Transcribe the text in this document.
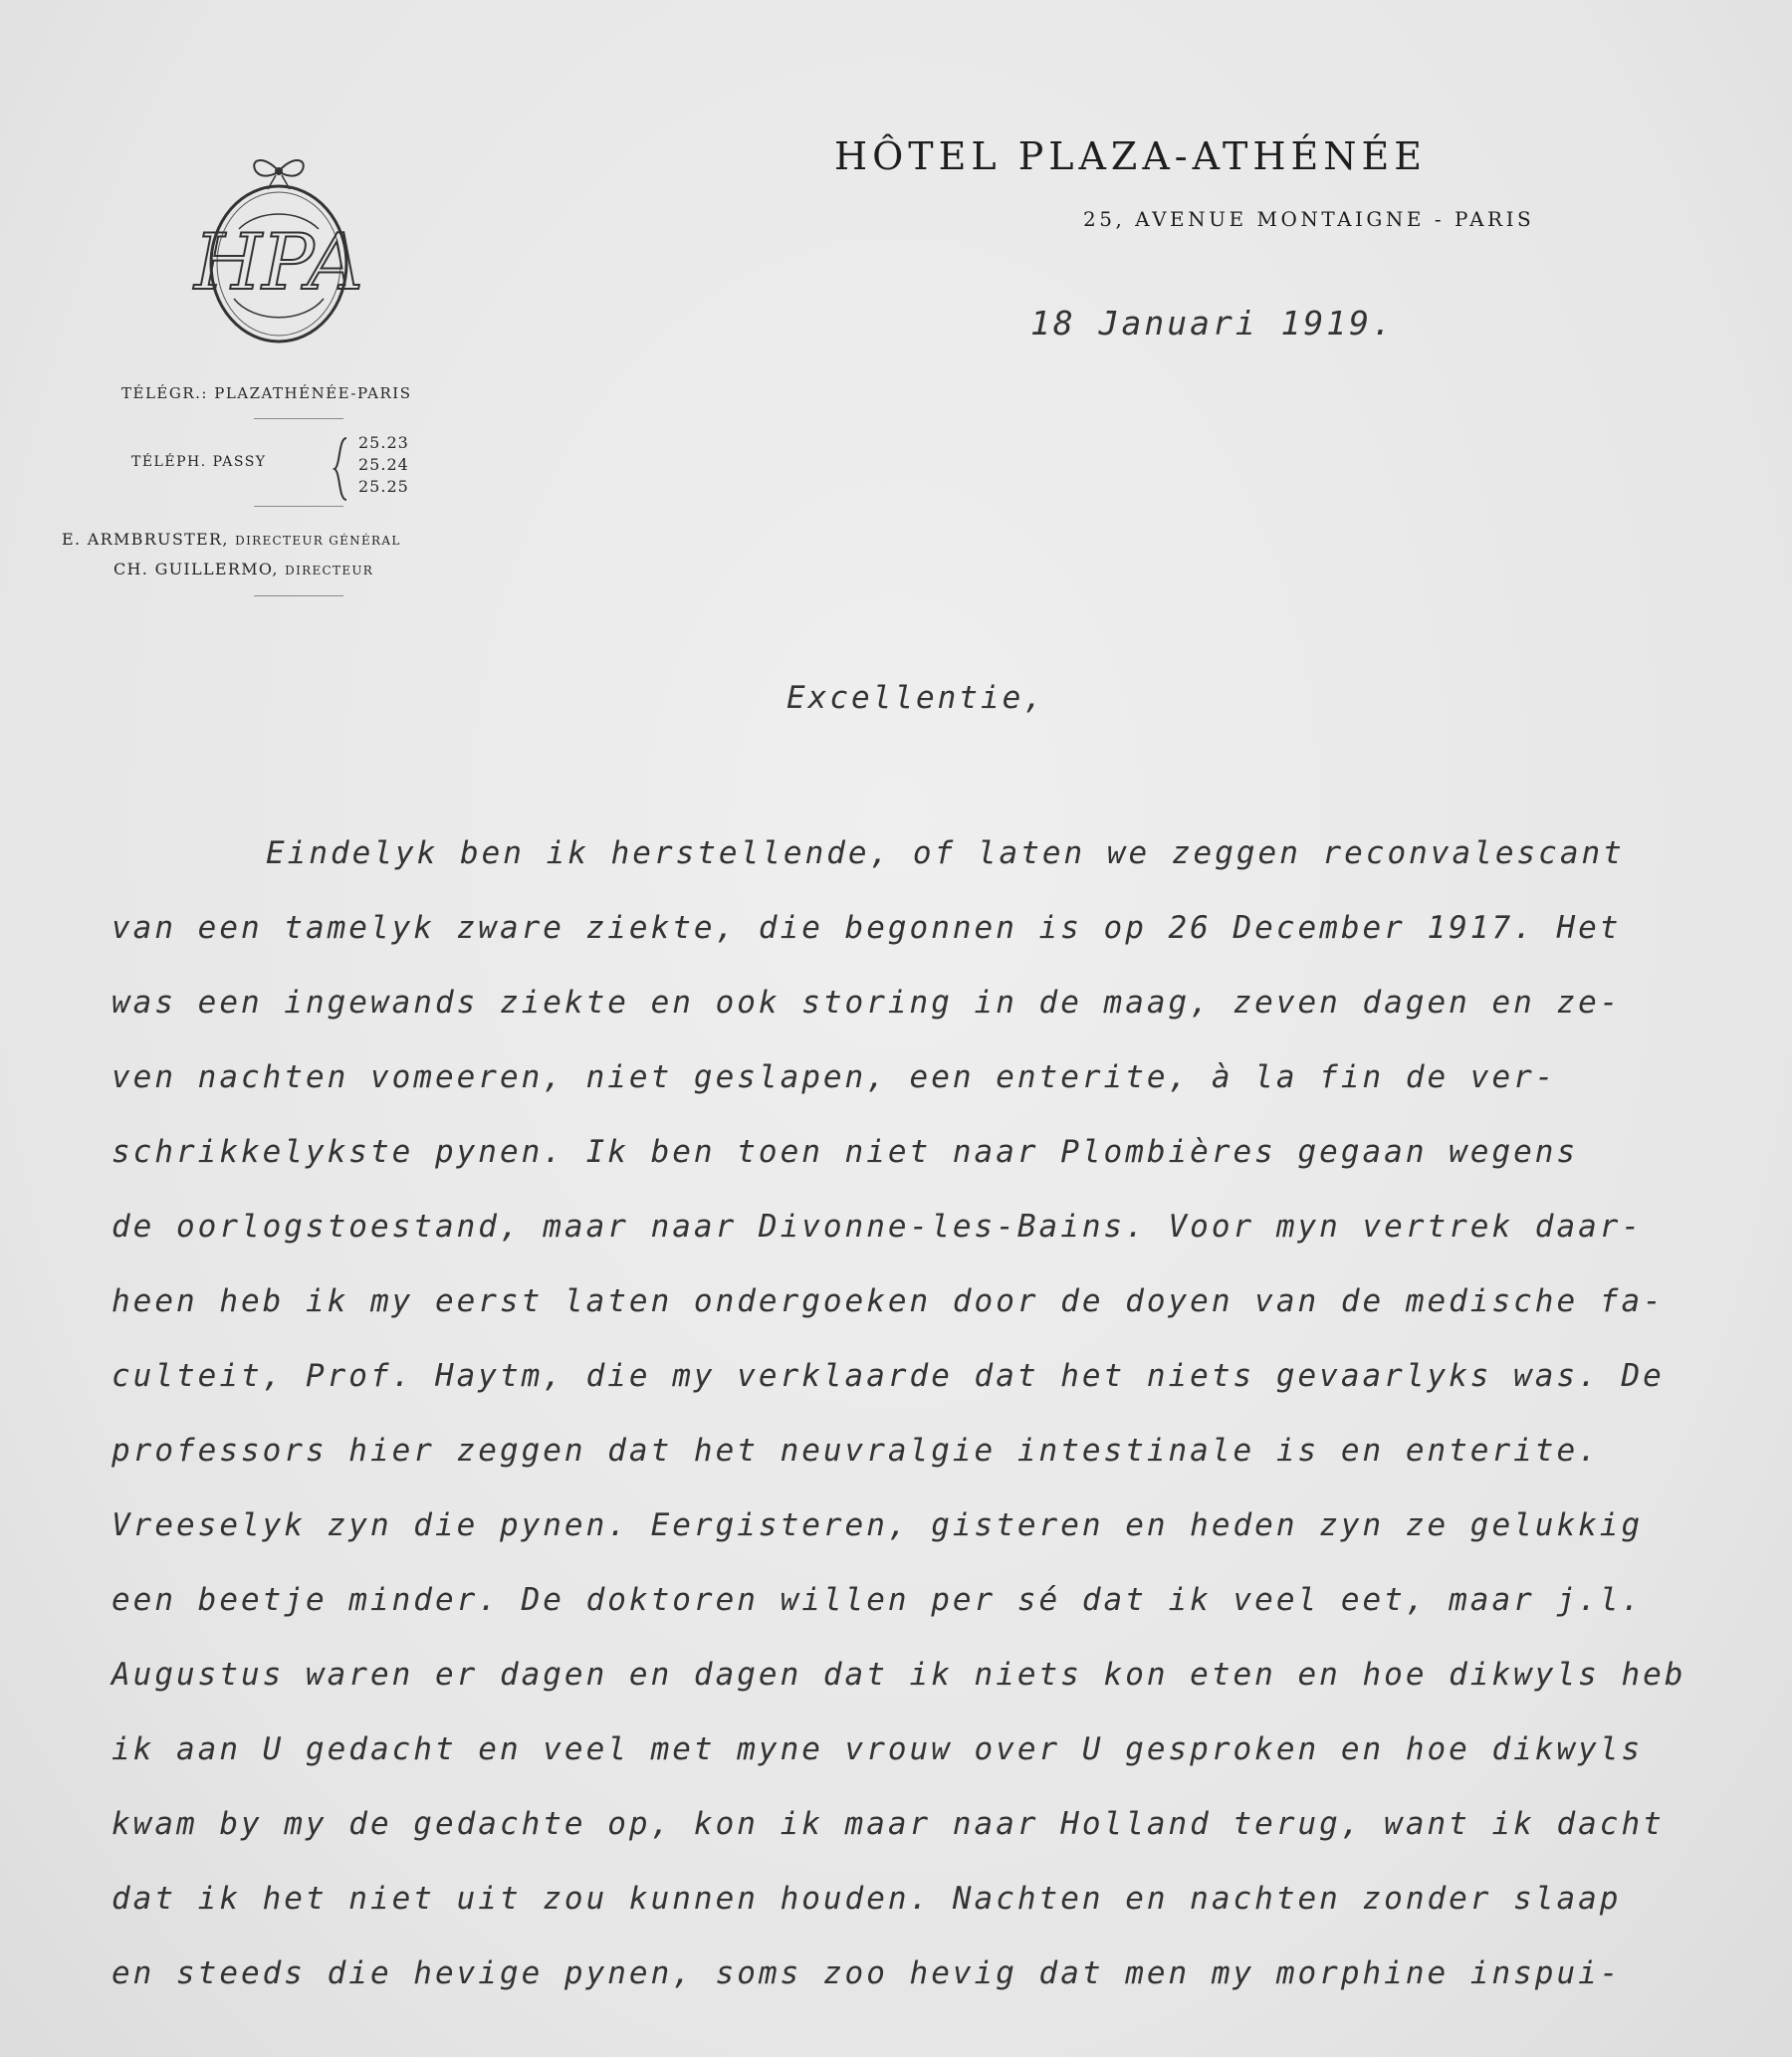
HPA
HÔTEL PLAZA-ATHÉNÉE
25, AVENUE MONTAIGNE - PARIS
TÉLÉGR.: PLAZATHÉNÉE-PARIS
TÉLÉPH. PASSY
25.23
25.24
25.25
E. ARMBRUSTER, DIRECTEUR GÉNÉRAL
CH. GUILLERMO, DIRECTEUR
18 Januari 1919.
Excellentie,
Eindelyk ben ik herstellende, of laten we zeggen reconvalescant
van een tamelyk zware ziekte, die begonnen is op 26 December 1917. Het
was een ingewands ziekte en ook storing in de maag, zeven dagen en ze-
ven nachten vomeeren, niet geslapen, een enterite, à la fin de ver-
schrikkelykste pynen. Ik ben toen niet naar Plombières gegaan wegens
de oorlogstoestand, maar naar Divonne-les-Bains. Voor myn vertrek daar-
heen heb ik my eerst laten ondergoeken door de doyen van de medische fa-
culteit, Prof. Haytm, die my verklaarde dat het niets gevaarlyks was. De
professors hier zeggen dat het neuvralgie intestinale is en enterite.
Vreeselyk zyn die pynen. Eergisteren, gisteren en heden zyn ze gelukkig
een beetje minder. De doktoren willen per sé dat ik veel eet, maar j.l.
Augustus waren er dagen en dagen dat ik niets kon eten en hoe dikwyls heb
ik aan U gedacht en veel met myne vrouw over U gesproken en hoe dikwyls
kwam by my de gedachte op, kon ik maar naar Holland terug, want ik dacht
dat ik het niet uit zou kunnen houden. Nachten en nachten zonder slaap
en steeds die hevige pynen, soms zoo hevig dat men my morphine inspui-
